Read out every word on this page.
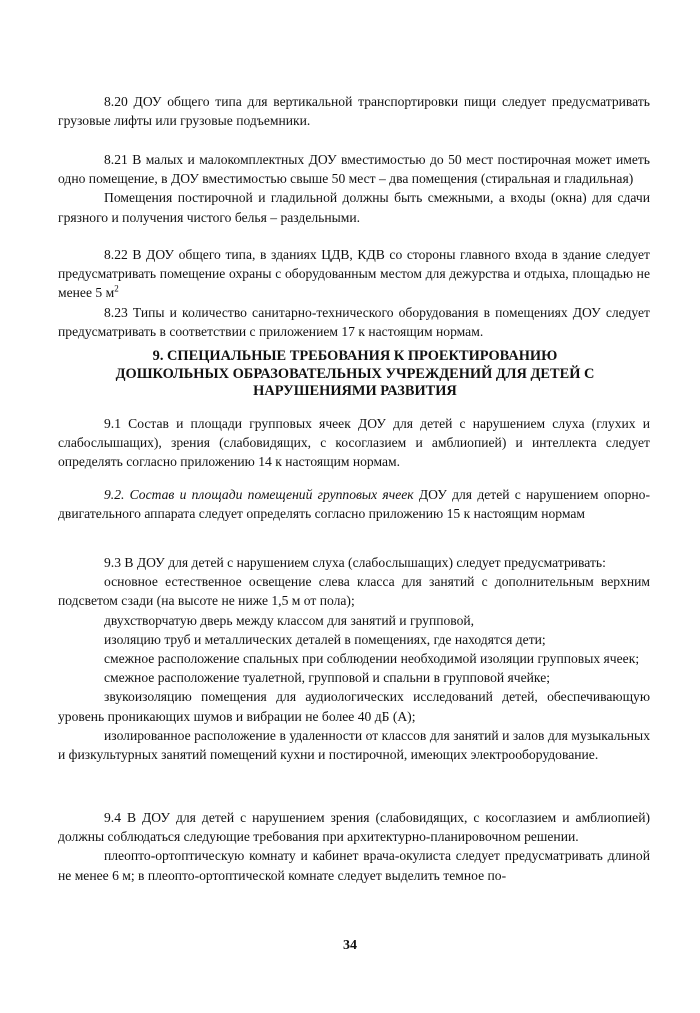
8.20 ДОУ общего типа для вертикальной транспортировки пищи следует предусматривать грузовые лифты или грузовые подъемники.

8.21 В малых и малокомплектных ДОУ вместимостью до 50 мест постирочная может иметь одно помещение, в ДОУ вместимостью свыше 50 мест – два помещения (стиральная и гладильная)

Помещения постирочной и гладильной должны быть смежными, а входы (окна) для сдачи грязного и получения чистого белья – раздельными.

8.22 В ДОУ общего типа, в зданиях ЦДВ, КДВ со стороны главного входа в здание следует предусматривать помещение охраны с оборудованным местом для дежурства и отдыха, площадью не менее 5 $м^2$

8.23 Типы и количество санитарно-технического оборудования в помещениях ДОУ следует предусматривать в соответствии с приложением 17 к настоящим нормам.

9. СПЕЦИАЛЬНЫЕ ТРЕБОВАНИЯ К ПРОЕКТИРОВАНИЮ
ДОШКОЛЬНЫХ ОБРАЗОВАТЕЛЬНЫХ УЧРЕЖДЕНИЙ ДЛЯ ДЕТЕЙ С
НАРУШЕНИЯМИ РАЗВИТИЯ

9.1 Состав и площади групповых ячеек ДОУ для детей с нарушением слуха (глухих и слабослышащих), зрения (слабовидящих, с косоглазием и амблиопией) и интеллекта следует определять согласно приложению 14 к настоящим нормам.

9.2. Состав и площади помещений групповых ячеек ДОУ для детей с нарушением опорно-двигательного аппарата следует определять согласно приложению 15 к настоящим нормам

9.3 В ДОУ для детей с нарушением слуха (слабослышащих) следует предусматривать:

основное естественное освещение слева класса для занятий с дополнительным верхним подсветом сзади (на высоте не ниже 1,5 м от пола);

двухстворчатую дверь между классом для занятий и групповой,

изоляцию труб и металлических деталей в помещениях, где находятся дети;

смежное расположение спальных при соблюдении необходимой изоляции групповых ячеек;

смежное расположение туалетной, групповой и спальни в групповой ячейке;

звукоизоляцию помещения для аудиологических исследований детей, обеспечивающую уровень проникающих шумов и вибрации не более 40 дБ (А);

изолированное расположение в удаленности от классов для занятий и залов для музыкальных и физкультурных занятий помещений кухни и постирочной, имеющих электрооборудование.

9.4 В ДОУ для детей с нарушением зрения (слабовидящих, с косоглазием и амблиопией) должны соблюдаться следующие требования при архитектурно-планировочном решении.

плеопто-ортоптическую комнату и кабинет врача-окулиста следует предусматривать длиной не менее 6 м; в плеопто-ортоптической комнате следует выделить темное по-

34
